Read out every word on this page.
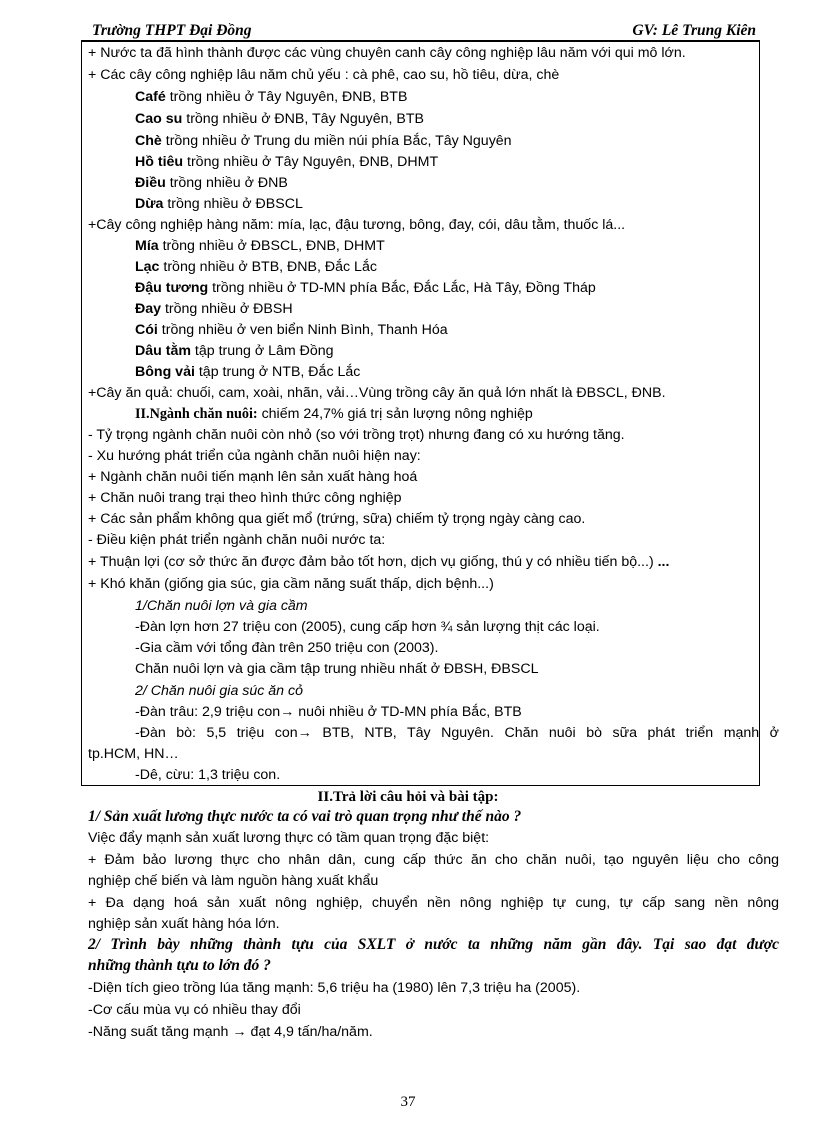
Trường THPT Đại Đồng	GV: Lê Trung Kiên
+ Nước ta đã hình thành được các vùng chuyên canh cây công nghiệp lâu năm với qui mô lớn.
+ Các cây công nghiệp lâu năm chủ yếu : cà phê, cao su, hồ tiêu, dừa, chè
Café trồng nhiều ở Tây Nguyên, ĐNB, BTB
Cao su trồng nhiều ở ĐNB, Tây Nguyên, BTB
Chè trồng nhiều ở Trung du miền núi phía Bắc, Tây Nguyên
Hồ tiêu trồng nhiều ở Tây Nguyên, ĐNB, DHMT
Điều trồng nhiều ở ĐNB
Dừa trồng nhiều ở ĐBSCL
+Cây công nghiệp hàng năm: mía, lạc, đậu tương, bông, đay, cói, dâu tằm, thuốc lá...
Mía trồng nhiều ở ĐBSCL, ĐNB, DHMT
Lạc trồng nhiều ở BTB, ĐNB, Đắc Lắc
Đậu tương trồng nhiều ở TD-MN phía Bắc, Đắc Lắc, Hà Tây, Đồng Tháp
Đay trồng nhiều ở ĐBSH
Cói trồng nhiều ở ven biển Ninh Bình, Thanh Hóa
Dâu tằm tập trung ở Lâm Đồng
Bông vải tập trung ở NTB, Đắc Lắc
+Cây ăn quả: chuối, cam, xoài, nhãn, vải…Vùng trồng cây ăn quả lớn nhất là ĐBSCL, ĐNB.
II.Ngành chăn nuôi: chiếm 24,7% giá trị sản lượng nông nghiệp
- Tỷ trọng ngành chăn nuôi còn nhỏ (so với trồng trọt) nhưng đang có xu hướng tăng.
- Xu hướng phát triển của ngành chăn nuôi hiện nay:
+ Ngành chăn nuôi tiến mạnh lên sản xuất hàng hoá
+ Chăn nuôi trang trại theo hình thức công nghiệp
+ Các sản phẩm không qua giết mổ (trứng, sữa) chiếm tỷ trọng ngày càng cao.
- Điều kiện phát triển ngành chăn nuôi nước ta:
+ Thuận lợi (cơ sở thức ăn được đảm bảo tốt hơn, dịch vụ giống, thú y có nhiều tiến bộ...) ...
+ Khó khăn (giống gia súc, gia cầm năng suất thấp, dịch bệnh...)
1/Chăn nuôi lợn và gia cầm
-Đàn lợn hơn 27 triệu con (2005), cung cấp hơn ¾ sản lượng thịt các loại.
-Gia cầm với tổng đàn trên 250 triệu con (2003).
Chăn nuôi lợn và gia cầm tập trung nhiều nhất ở ĐBSH, ĐBSCL
2/ Chăn nuôi gia súc ăn cỏ
-Đàn trâu: 2,9 triệu con→ nuôi nhiều ở TD-MN phía Bắc, BTB
-Đàn bò: 5,5 triệu con→ BTB, NTB, Tây Nguyên. Chăn nuôi bò sữa phát triển mạnh ở
tp.HCM, HN…
-Dê, cừu: 1,3 triệu con.
II.Trả lời câu hỏi và bài tập:
1/ Sản xuất lương thực nước ta có vai trò quan trọng như thế nào ?
Việc đẩy mạnh sản xuất lương thực có tầm quan trọng đặc biệt:
+ Đảm bảo lương thực cho nhân dân, cung cấp thức ăn cho chăn nuôi, tạo nguyên liệu cho công
nghiệp chế biến và làm nguồn hàng xuất khẩu
+ Đa dạng hoá sản xuất nông nghiệp, chuyển nền nông nghiệp tự cung, tự cấp sang nền nông
nghiệp sản xuất hàng hóa lớn.
2/ Trình bày những thành tựu của SXLT ở nước ta những năm gần đây. Tại sao đạt được
những thành tựu to lớn đó ?
-Diện tích gieo trồng lúa tăng mạnh: 5,6 triệu ha (1980) lên 7,3 triệu ha (2005).
-Cơ cấu mùa vụ có nhiều thay đổi
-Năng suất tăng mạnh → đạt 4,9 tấn/ha/năm.
37
